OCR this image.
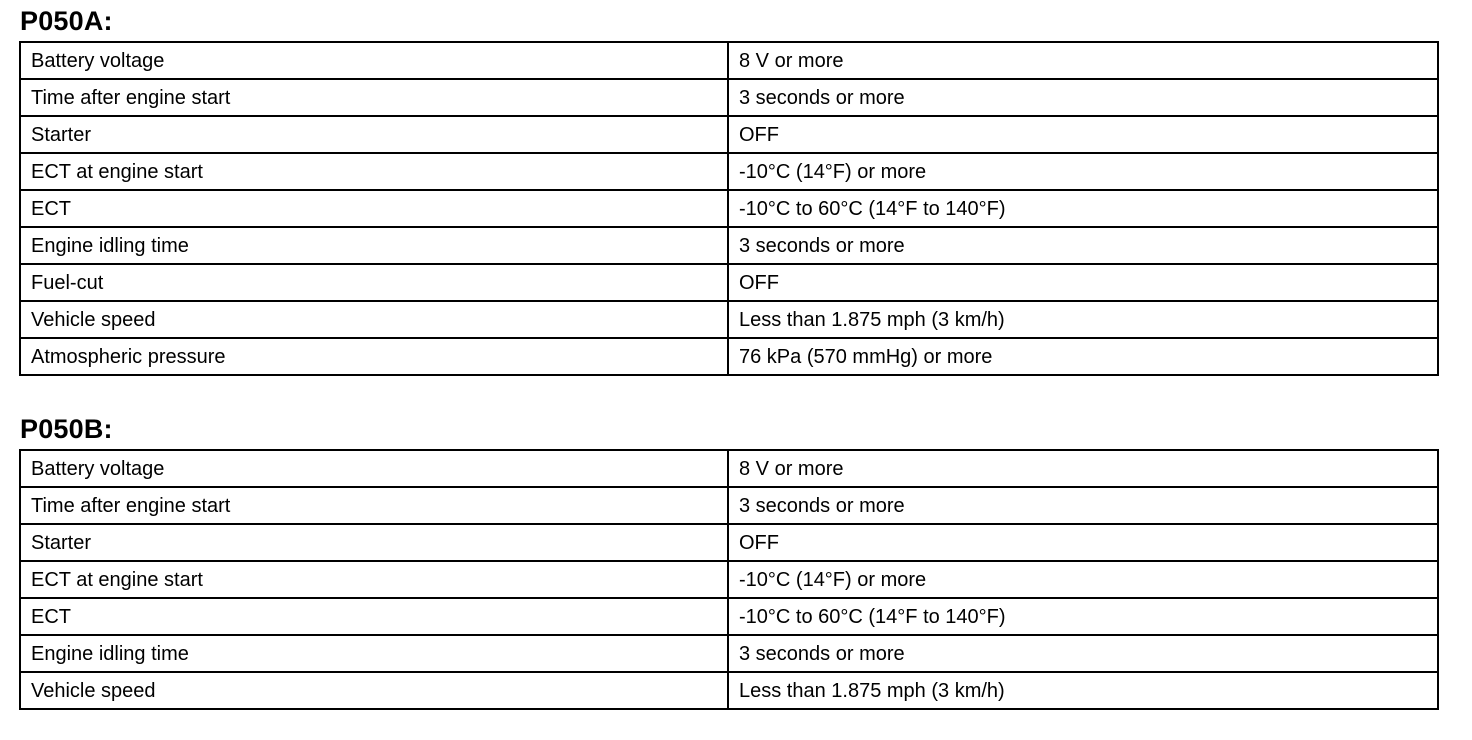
P050A:
Battery voltage	8 V or more
Time after engine start	3 seconds or more
Starter	OFF
ECT at engine start	-10°C (14°F) or more
ECT	-10°C to 60°C (14°F to 140°F)
Engine idling time	3 seconds or more
Fuel-cut	OFF
Vehicle speed	Less than 1.875 mph (3 km/h)
Atmospheric pressure	76 kPa (570 mmHg) or more
P050B:
Battery voltage	8 V or more
Time after engine start	3 seconds or more
Starter	OFF
ECT at engine start	-10°C (14°F) or more
ECT	-10°C to 60°C (14°F to 140°F)
Engine idling time	3 seconds or more
Vehicle speed	Less than 1.875 mph (3 km/h)
